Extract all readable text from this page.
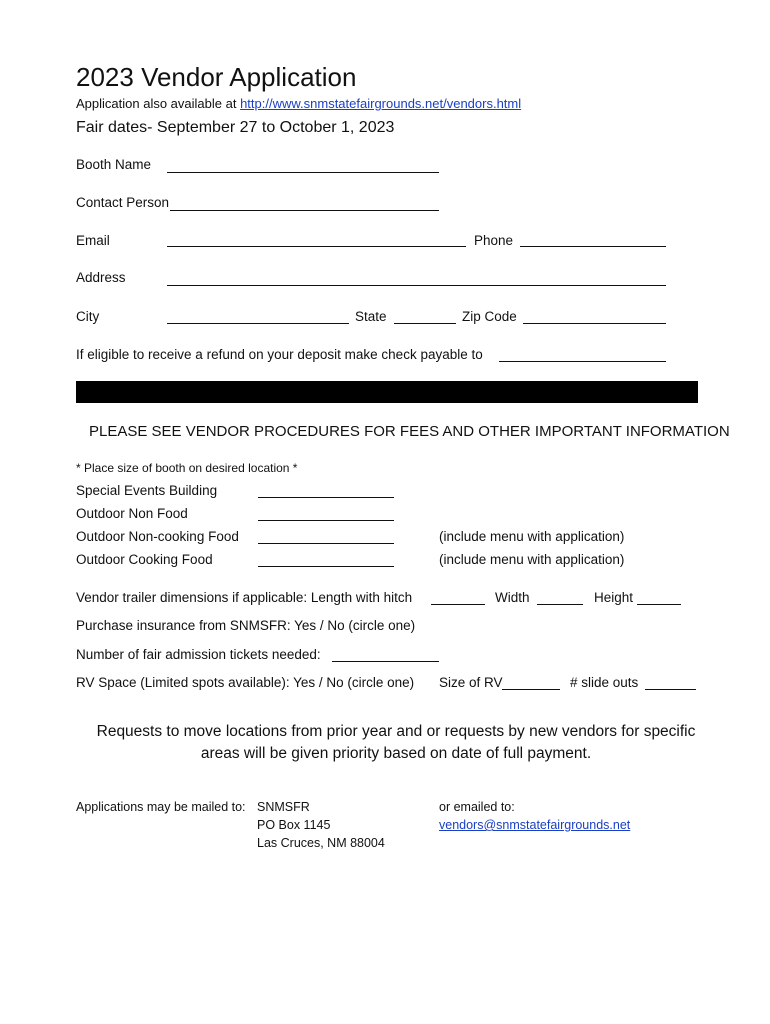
2023 Vendor Application
Application also available at http://www.snmstatefairgrounds.net/vendors.html
Fair dates- September 27 to October 1, 2023
Booth Name
Contact Person
Email	Phone
Address
City	State	Zip Code
If eligible to receive a refund on your deposit make check payable to
PLEASE SEE VENDOR PROCEDURES FOR FEES AND OTHER IMPORTANT INFORMATION
* Place size of booth on desired location *
Special Events Building
Outdoor Non Food
Outdoor Non-cooking Food	(include menu with application)
Outdoor Cooking Food	(include menu with application)
Vendor trailer dimensions if applicable: Length with hitch	Width	Height
Purchase insurance from SNMSFR: Yes / No (circle one)
Number of fair admission tickets needed:
RV Space (Limited spots available): Yes / No (circle one) Size of RV	# slide outs
Requests to move locations from prior year and or requests by new vendors for specific areas will be given priority based on date of full payment.
Applications may be mailed to: SNMSFR
PO Box 1145
Las Cruces, NM 88004
or emailed to:
vendors@snmstatefairgrounds.net
